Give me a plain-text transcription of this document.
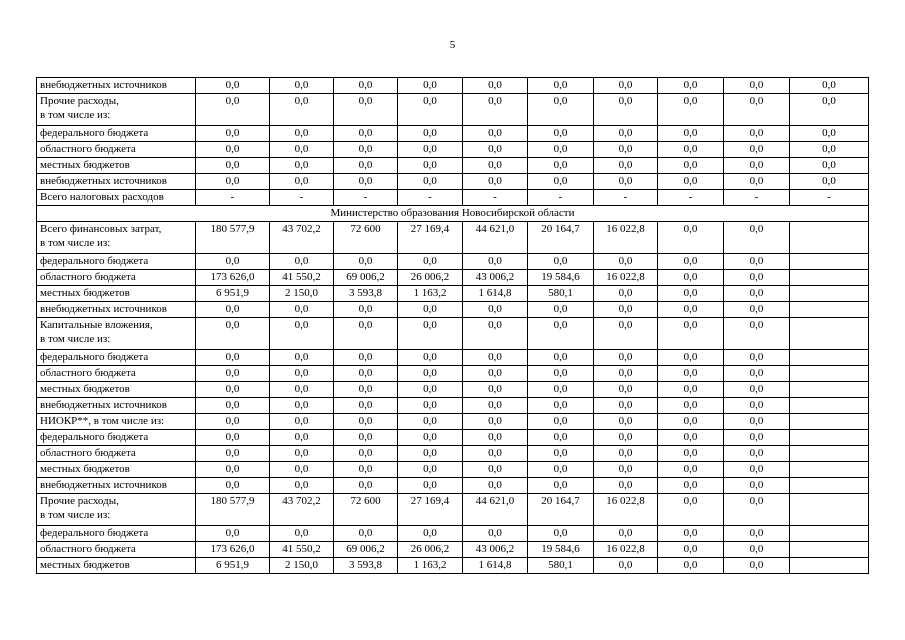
5
внебюджетных источников	0,0	0,0	0,0	0,0	0,0	0,0	0,0	0,0	0,0	0,0

Прочие расходы,
в том числе из:	0,0	0,0	0,0	0,0	0,0	0,0	0,0	0,0	0,0	0,0

федерального бюджета	0,0	0,0	0,0	0,0	0,0	0,0	0,0	0,0	0,0	0,0

областного бюджета	0,0	0,0	0,0	0,0	0,0	0,0	0,0	0,0	0,0	0,0

местных бюджетов	0,0	0,0	0,0	0,0	0,0	0,0	0,0	0,0	0,0	0,0

внебюджетных источников	0,0	0,0	0,0	0,0	0,0	0,0	0,0	0,0	0,0	0,0

Всего налоговых расходов	-	-	-	-	-	-	-	-	-	-
Министерство образования Новосибирской области										

Всего финансовых затрат,
в том числе из:	180 577,9	43 702,2	72 600	27 169,4	44 621,0	20 164,7	16 022,8	0,0	0,0	

федерального бюджета	0,0	0,0	0,0	0,0	0,0	0,0	0,0	0,0	0,0	

областного бюджета	173 626,0	41 550,2	69 006,2	26 006,2	43 006,2	19 584,6	16 022,8	0,0	0,0	

местных бюджетов	6 951,9	2 150,0	3 593,8	1 163,2	1 614,8	580,1	0,0	0,0	0,0	

внебюджетных источников	0,0	0,0	0,0	0,0	0,0	0,0	0,0	0,0	0,0	

Капитальные вложения,
в том числе из:	0,0	0,0	0,0	0,0	0,0	0,0	0,0	0,0	0,0	

федерального бюджета	0,0	0,0	0,0	0,0	0,0	0,0	0,0	0,0	0,0	

областного бюджета	0,0	0,0	0,0	0,0	0,0	0,0	0,0	0,0	0,0	

местных бюджетов	0,0	0,0	0,0	0,0	0,0	0,0	0,0	0,0	0,0	

внебюджетных источников	0,0	0,0	0,0	0,0	0,0	0,0	0,0	0,0	0,0	

НИОКР**, в том числе из:	0,0	0,0	0,0	0,0	0,0	0,0	0,0	0,0	0,0	

федерального бюджета	0,0	0,0	0,0	0,0	0,0	0,0	0,0	0,0	0,0	

областного бюджета	0,0	0,0	0,0	0,0	0,0	0,0	0,0	0,0	0,0	

местных бюджетов	0,0	0,0	0,0	0,0	0,0	0,0	0,0	0,0	0,0	

внебюджетных источников	0,0	0,0	0,0	0,0	0,0	0,0	0,0	0,0	0,0	

Прочие расходы,
в том числе из:	180 577,9	43 702,2	72 600	27 169,4	44 621,0	20 164,7	16 022,8	0,0	0,0	

федерального бюджета	0,0	0,0	0,0	0,0	0,0	0,0	0,0	0,0	0,0	

областного бюджета	173 626,0	41 550,2	69 006,2	26 006,2	43 006,2	19 584,6	16 022,8	0,0	0,0	

местных бюджетов	6 951,9	2 150,0	3 593,8	1 163,2	1 614,8	580,1	0,0	0,0	0,0	
